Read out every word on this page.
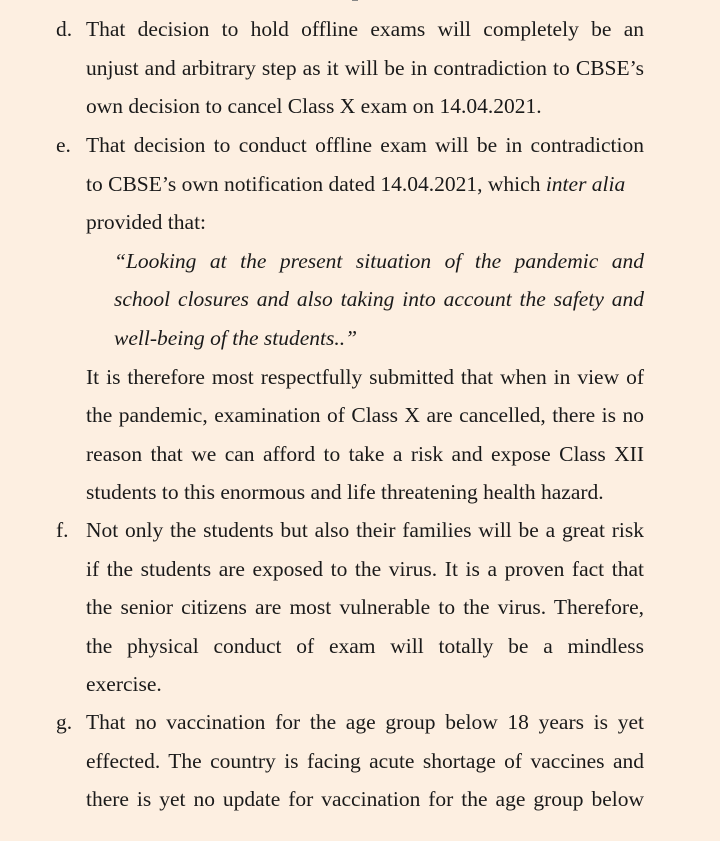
d. That decision to hold offline exams will completely be an
unjust and arbitrary step as it will be in contradiction to CBSE’s
own decision to cancel Class X exam on 14.04.2021.
e. That decision to conduct offline exam will be in contradiction
to CBSE’s own notification dated 14.04.2021, which inter alia
provided that:
“Looking at the present situation of the pandemic and
school closures and also taking into account the safety and
well-being of the students..”
It is therefore most respectfully submitted that when in view of
the pandemic, examination of Class X are cancelled, there is no
reason that we can afford to take a risk and expose Class XII
students to this enormous and life threatening health hazard.
f. Not only the students but also their families will be a great risk
if the students are exposed to the virus. It is a proven fact that
the senior citizens are most vulnerable to the virus. Therefore,
the physical conduct of exam will totally be a mindless
exercise.
g. That no vaccination for the age group below 18 years is yet
effected. The country is facing acute shortage of vaccines and
there is yet no update for vaccination for the age group below
